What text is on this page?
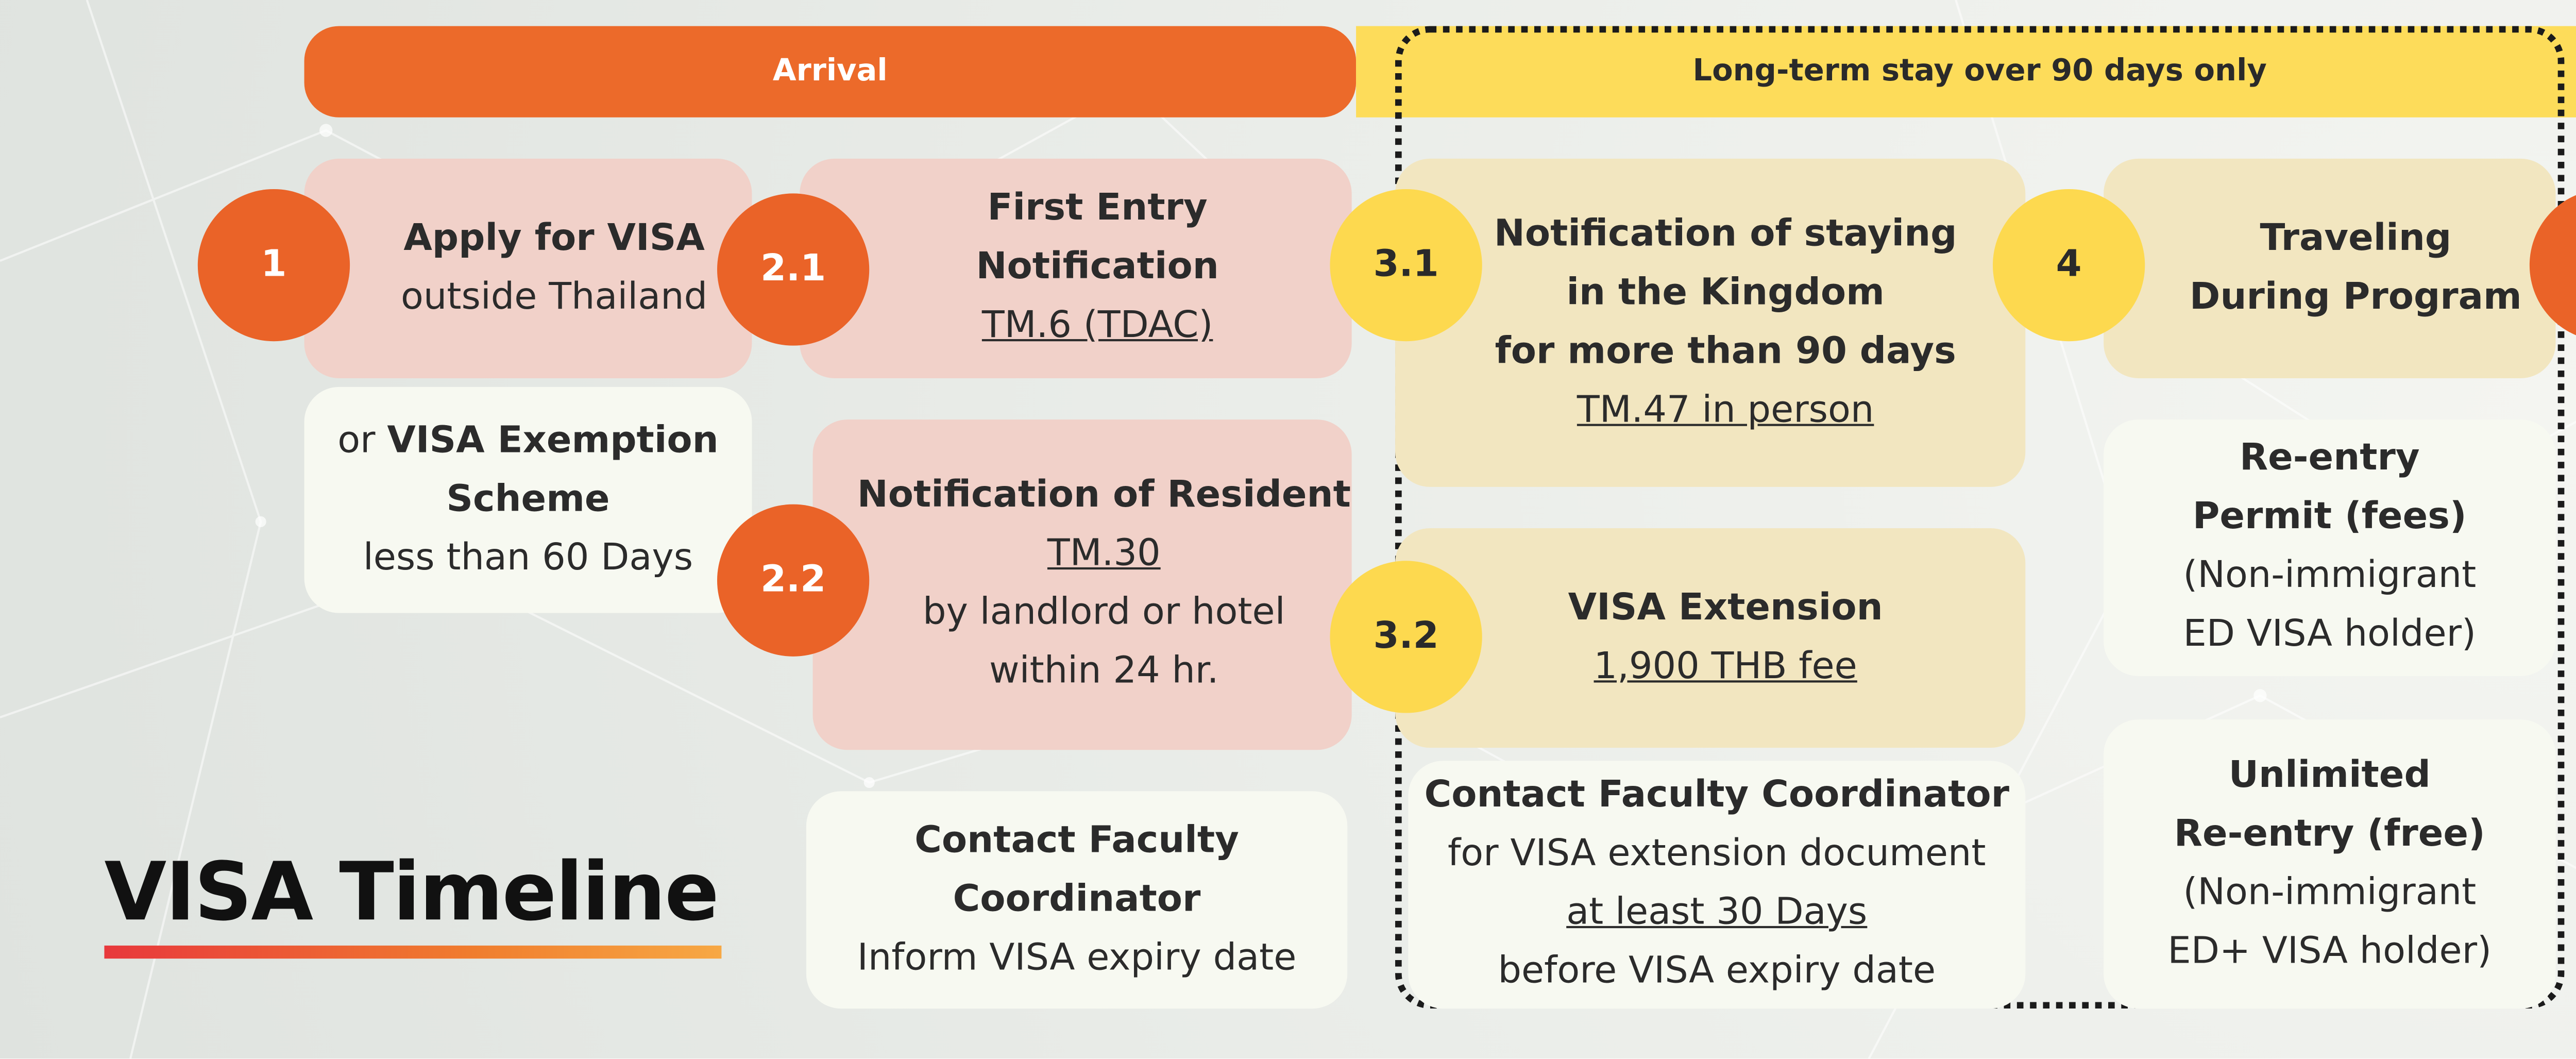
Arrival	Long-term stay over 90 days only
Apply for VISA
outside Thailand
or VISA Exemption
Scheme
less than 60 Days
1
First Entry
Notification
TM.6 (TDAC)
2.1
Notification of Resident
TM.30
by landlord or hotel
within 24 hr.
2.2
Contact Faculty
Coordinator
Inform VISA expiry date
Notification of staying
in the Kingdom
for more than 90 days
TM.47 in person
3.1
VISA Extension
1,900 THB fee
3.2
Contact Faculty Coordinator
for VISA extension document
at least 30 Days
before VISA expiry date
Traveling
During Program
4
Re-entry
Permit (fees)
(Non-immigrant
ED VISA holder)
Unlimited
Re-entry (free)
(Non-immigrant
ED+ VISA holder)
VISA Timeline
